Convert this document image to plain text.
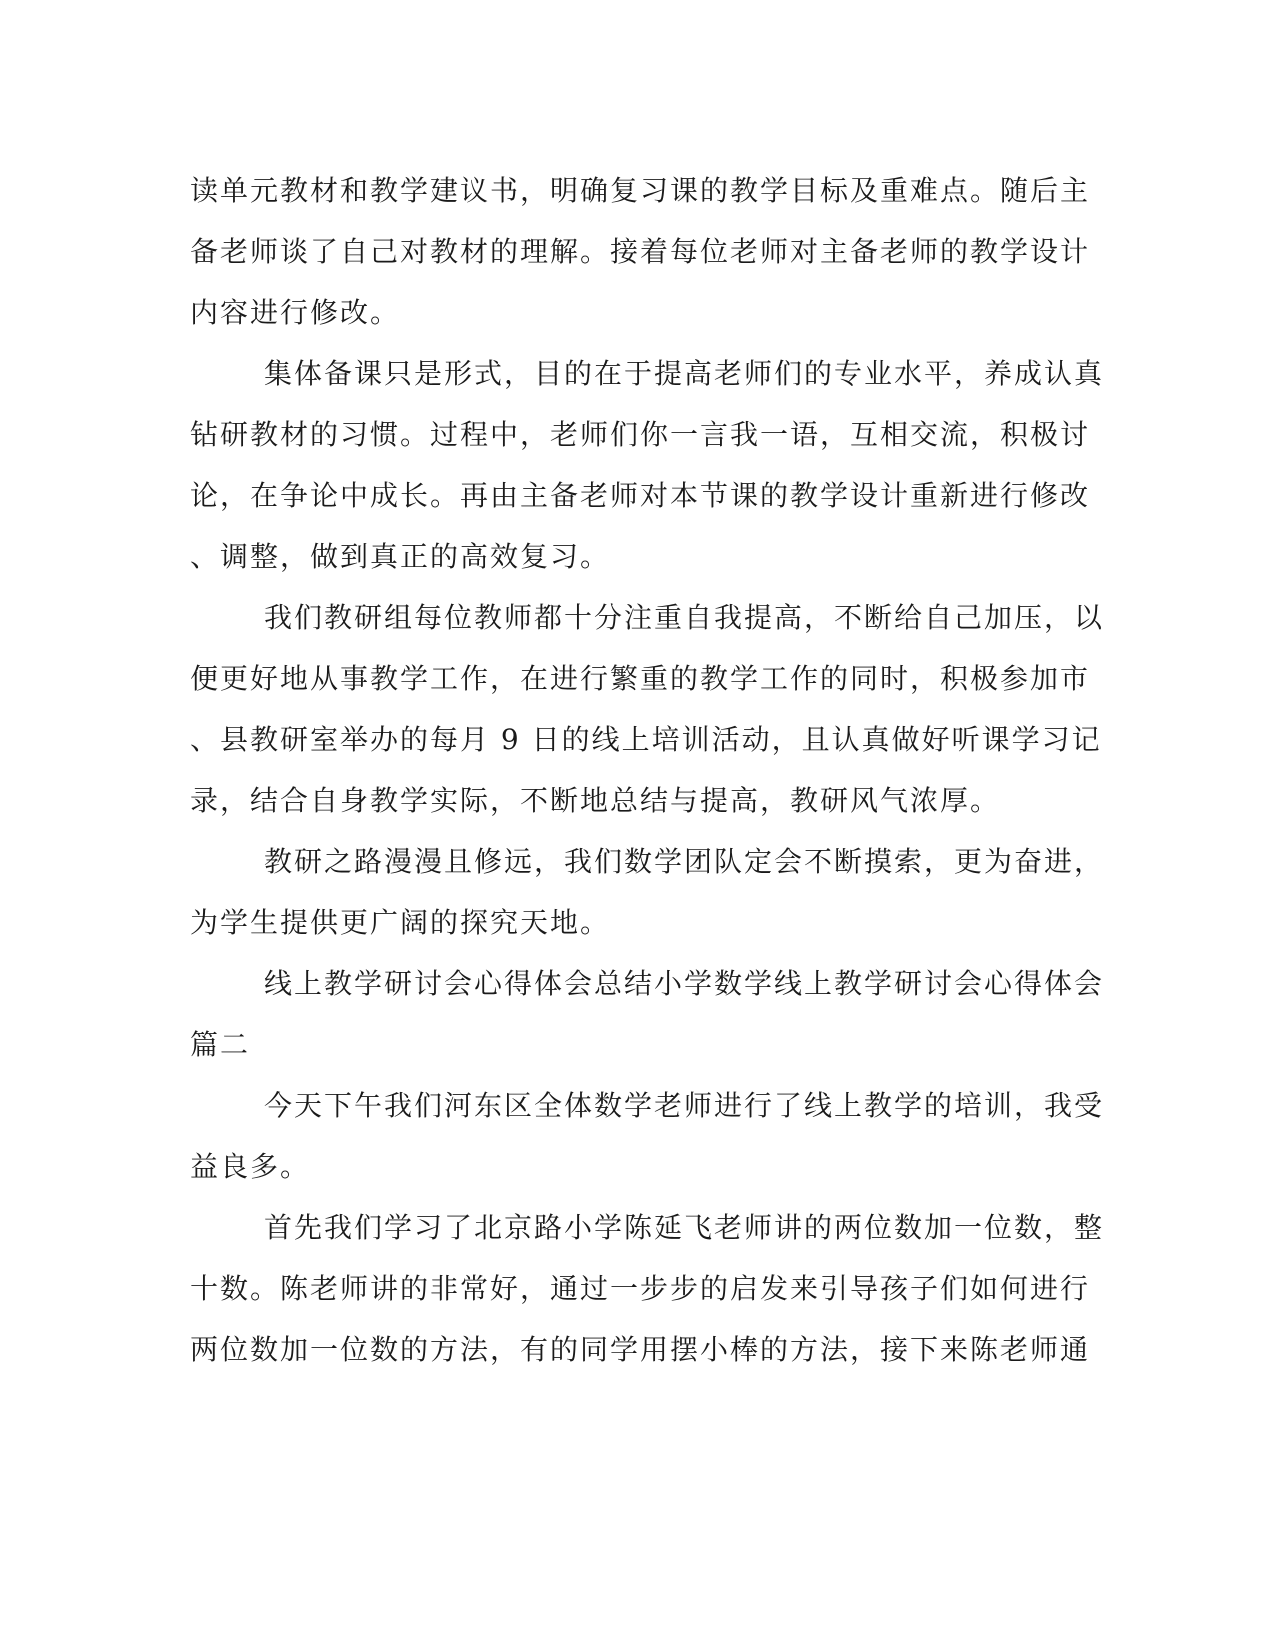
读单元教材和教学建议书，明确复习课的教学目标及重难点。随后主
备老师谈了自己对教材的理解。接着每位老师对主备老师的教学设计
内容进行修改。
集体备课只是形式，目的在于提高老师们的专业水平，养成认真
钻研教材的习惯。过程中，老师们你一言我一语，互相交流，积极讨
论，在争论中成长。再由主备老师对本节课的教学设计重新进行修改
、调整，做到真正的高效复习。
我们教研组每位教师都十分注重自我提高，不断给自己加压，以
便更好地从事教学工作，在进行繁重的教学工作的同时，积极参加市
、县教研室举办的每月 9 日的线上培训活动，且认真做好听课学习记
录，结合自身教学实际，不断地总结与提高，教研风气浓厚。
教研之路漫漫且修远，我们数学团队定会不断摸索，更为奋进，
为学生提供更广阔的探究天地。
线上教学研讨会心得体会总结小学数学线上教学研讨会心得体会
篇二
今天下午我们河东区全体数学老师进行了线上教学的培训，我受
益良多。
首先我们学习了北京路小学陈延飞老师讲的两位数加一位数，整
十数。陈老师讲的非常好，通过一步步的启发来引导孩子们如何进行
两位数加一位数的方法，有的同学用摆小棒的方法，接下来陈老师通
